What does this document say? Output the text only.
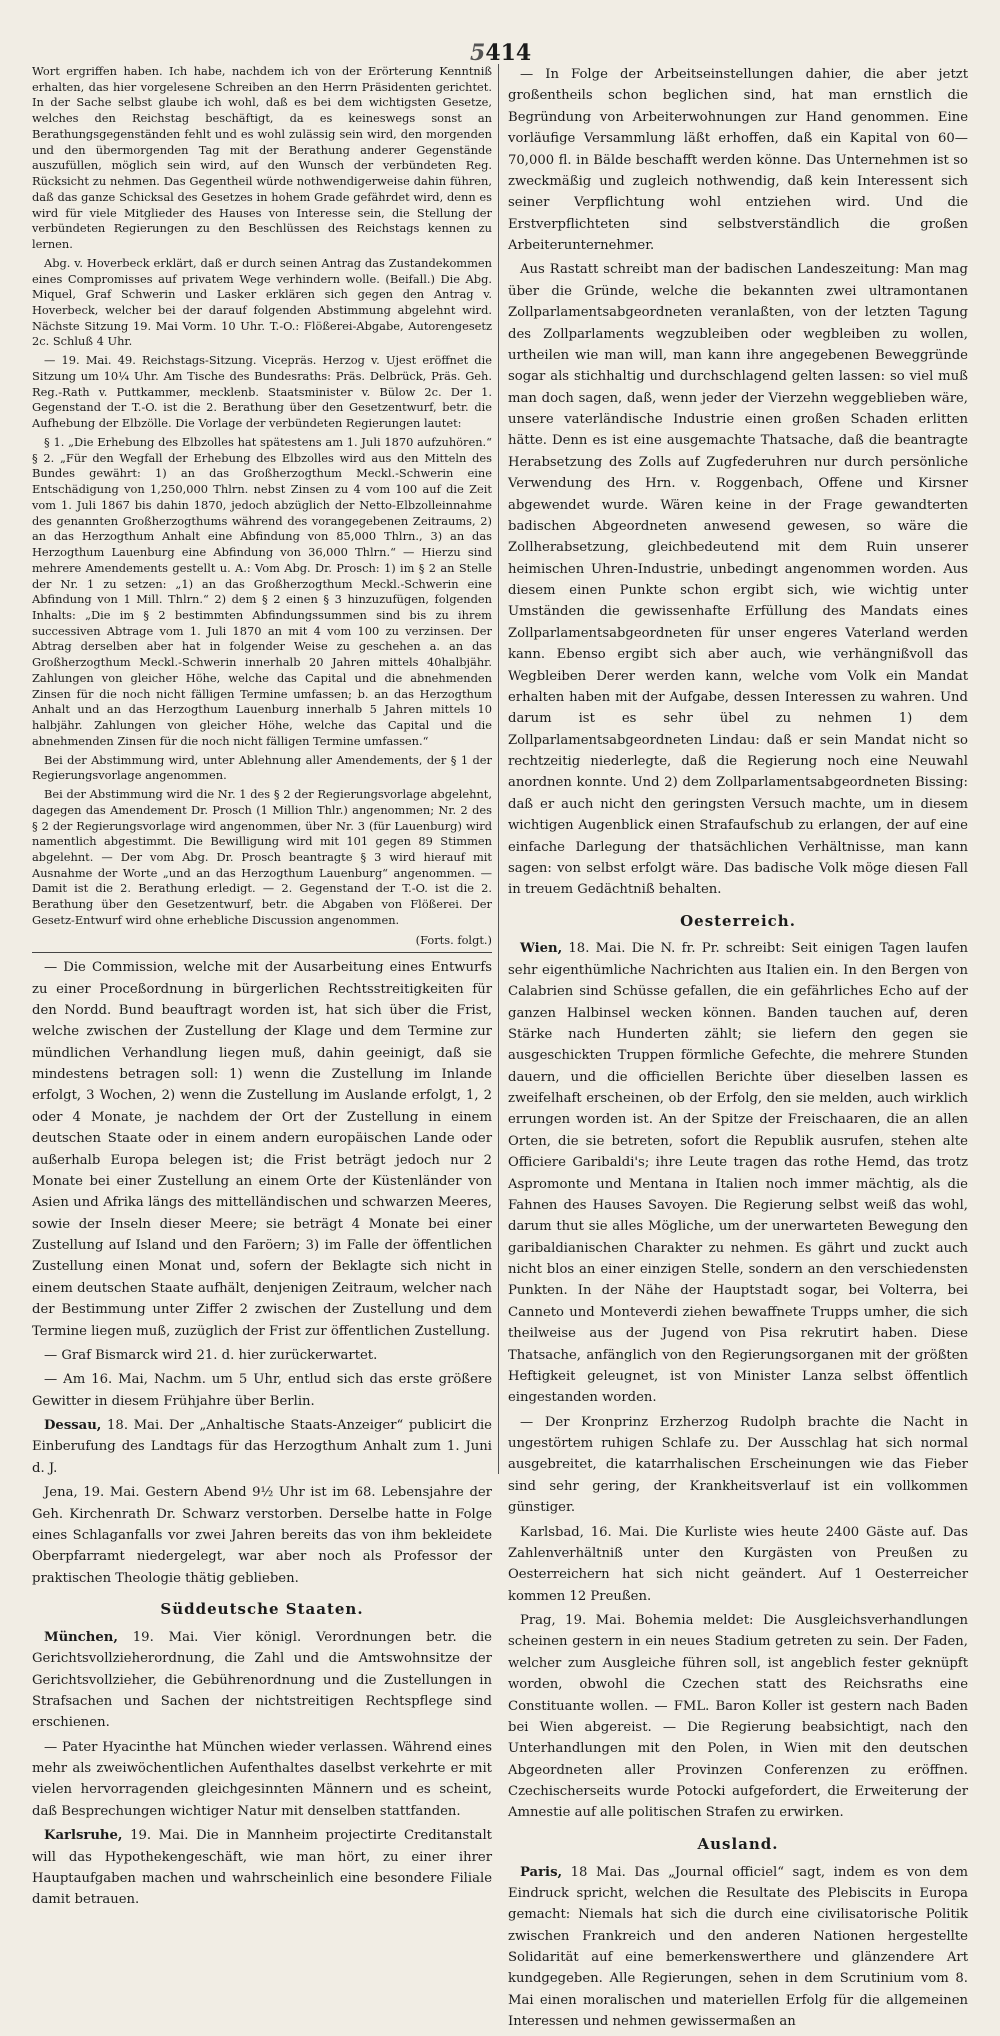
5414

Wort ergriffen haben. Ich habe, nachdem ich von der Erörterung Kenntniß erhalten, das hier vorgelesene Schreiben an den Herrn Präsidenten gerichtet. In der Sache selbst glaube ich wohl, daß es bei dem wichtigsten Gesetze, welches den Reichstag beschäftigt, da es keineswegs sonst an Berathungsgegenständen fehlt und es wohl zulässig sein wird, den morgenden und den übermorgenden Tag mit der Berathung anderer Gegenstände auszufüllen, möglich sein wird, auf den Wunsch der verbündeten Reg. Rücksicht zu nehmen. Das Gegentheil würde nothwendigerweise dahin führen, daß das ganze Schicksal des Gesetzes in hohem Grade gefährdet wird, denn es wird für viele Mitglieder des Hauses von Interesse sein, die Stellung der verbündeten Regierungen zu den Beschlüssen des Reichstags kennen zu lernen.

Abg. v. Hoverbeck erklärt, daß er durch seinen Antrag das Zustandekommen eines Compromisses auf privatem Wege verhindern wolle. (Beifall.) Die Abg. Miquel, Graf Schwerin und Lasker erklären sich gegen den Antrag v. Hoverbeck, welcher bei der darauf folgenden Abstimmung abgelehnt wird. Nächste Sitzung 19. Mai Vorm. 10 Uhr. T.-O.: Flößerei-Abgabe, Autorengesetz 2c. Schluß 4 Uhr.

— 19. Mai. 49. Reichstags-Sitzung. Vicepräs. Herzog v. Ujest eröffnet die Sitzung um 10¼ Uhr. Am Tische des Bundesraths: Präs. Delbrück, Präs. Geh. Reg.-Rath v. Puttkammer, mecklenb. Staatsminister v. Bülow 2c. Der 1. Gegenstand der T.-O. ist die 2. Berathung über den Gesetzentwurf, betr. die Aufhebung der Elbzölle. Die Vorlage der verbündeten Regierungen lautet:

§ 1. „Die Erhebung des Elbzolles hat spätestens am 1. Juli 1870 aufzuhören.“ § 2. „Für den Wegfall der Erhebung des Elbzolles wird aus den Mitteln des Bundes gewährt: 1) an das Großherzogthum Meckl.-Schwerin eine Entschädigung von 1,250,000 Thlrn. nebst Zinsen zu 4 vom 100 auf die Zeit vom 1. Juli 1867 bis dahin 1870, jedoch abzüglich der Netto-Elbzolleinnahme des genannten Großherzogthums während des vorangegebenen Zeitraums, 2) an das Herzogthum Anhalt eine Abfindung von 85,000 Thlrn., 3) an das Herzogthum Lauenburg eine Abfindung von 36,000 Thlrn.“ — Hierzu sind mehrere Amendements gestellt u. A.: Vom Abg. Dr. Prosch: 1) im § 2 an Stelle der Nr. 1 zu setzen: „1) an das Großherzogthum Meckl.-Schwerin eine Abfindung von 1 Mill. Thlrn.“ 2) dem § 2 einen § 3 hinzuzufügen, folgenden Inhalts: „Die im § 2 bestimmten Abfindungssummen sind bis zu ihrem successiven Abtrage vom 1. Juli 1870 an mit 4 vom 100 zu verzinsen. Der Abtrag derselben aber hat in folgender Weise zu geschehen a. an das Großherzogthum Meckl.-Schwerin innerhalb 20 Jahren mittels 40halbjähr. Zahlungen von gleicher Höhe, welche das Capital und die abnehmenden Zinsen für die noch nicht fälligen Termine umfassen; b. an das Herzogthum Anhalt und an das Herzogthum Lauenburg innerhalb 5 Jahren mittels 10 halbjähr. Zahlungen von gleicher Höhe, welche das Capital und die abnehmenden Zinsen für die noch nicht fälligen Termine umfassen.“

Bei der Abstimmung wird, unter Ablehnung aller Amendements, der § 1 der Regierungsvorlage angenommen.

Bei der Abstimmung wird die Nr. 1 des § 2 der Regierungsvorlage abgelehnt, dagegen das Amendement Dr. Prosch (1 Million Thlr.) angenommen; Nr. 2 des § 2 der Regierungsvorlage wird angenommen, über Nr. 3 (für Lauenburg) wird namentlich abgestimmt. Die Bewilligung wird mit 101 gegen 89 Stimmen abgelehnt. — Der vom Abg. Dr. Prosch beantragte § 3 wird hierauf mit Ausnahme der Worte „und an das Herzogthum Lauenburg“ angenommen. — Damit ist die 2. Berathung erledigt. — 2. Gegenstand der T.-O. ist die 2. Berathung über den Gesetzentwurf, betr. die Abgaben von Flößerei. Der Gesetz-Entwurf wird ohne erhebliche Discussion angenommen.

(Forts. folgt.)

— Die Commission, welche mit der Ausarbeitung eines Entwurfs zu einer Proceßordnung in bürgerlichen Rechtsstreitigkeiten für den Nordd. Bund beauftragt worden ist, hat sich über die Frist, welche zwischen der Zustellung der Klage und dem Termine zur mündlichen Verhandlung liegen muß, dahin geeinigt, daß sie mindestens betragen soll: 1) wenn die Zustellung im Inlande erfolgt, 3 Wochen, 2) wenn die Zustellung im Auslande erfolgt, 1, 2 oder 4 Monate, je nachdem der Ort der Zustellung in einem deutschen Staate oder in einem andern europäischen Lande oder außerhalb Europa belegen ist; die Frist beträgt jedoch nur 2 Monate bei einer Zustellung an einem Orte der Küstenländer von Asien und Afrika längs des mittelländischen und schwarzen Meeres, sowie der Inseln dieser Meere; sie beträgt 4 Monate bei einer Zustellung auf Island und den Faröern; 3) im Falle der öffentlichen Zustellung einen Monat und, sofern der Beklagte sich nicht in einem deutschen Staate aufhält, denjenigen Zeitraum, welcher nach der Bestimmung unter Ziffer 2 zwischen der Zustellung und dem Termine liegen muß, zuzüglich der Frist zur öffentlichen Zustellung.

— Graf Bismarck wird 21. d. hier zurückerwartet.

— Am 16. Mai, Nachm. um 5 Uhr, entlud sich das erste größere Gewitter in diesem Frühjahre über Berlin.

Dessau, 18. Mai. Der „Anhaltische Staats-Anzeiger“ publicirt die Einberufung des Landtags für das Herzogthum Anhalt zum 1. Juni d. J.

Jena, 19. Mai. Gestern Abend 9½ Uhr ist im 68. Lebensjahre der Geh. Kirchenrath Dr. Schwarz verstorben. Derselbe hatte in Folge eines Schlaganfalls vor zwei Jahren bereits das von ihm bekleidete Oberpfarramt niedergelegt, war aber noch als Professor der praktischen Theologie thätig geblieben.

Süddeutsche Staaten.

München, 19. Mai. Vier königl. Verordnungen betr. die Gerichtsvollzieherordnung, die Zahl und die Amtswohnsitze der Gerichtsvollzieher, die Gebührenordnung und die Zustellungen in Strafsachen und Sachen der nichtstreitigen Rechtspflege sind erschienen.

— Pater Hyacinthe hat München wieder verlassen. Während eines mehr als zweiwöchentlichen Aufenthaltes daselbst verkehrte er mit vielen hervorragenden gleichgesinnten Männern und es scheint, daß Besprechungen wichtiger Natur mit denselben stattfanden.

Karlsruhe, 19. Mai. Die in Mannheim projectirte Creditanstalt will das Hypothekengeschäft, wie man hört, zu einer ihrer Hauptaufgaben machen und wahrscheinlich eine besondere Filiale damit betrauen.

— In Folge der Arbeitseinstellungen dahier, die aber jetzt großentheils schon beglichen sind, hat man ernstlich die Begründung von Arbeiterwohnungen zur Hand genommen. Eine vorläufige Versammlung läßt erhoffen, daß ein Kapital von 60—70,000 fl. in Bälde beschafft werden könne. Das Unternehmen ist so zweckmäßig und zugleich nothwendig, daß kein Interessent sich seiner Verpflichtung wohl entziehen wird. Und die Erstverpflichteten sind selbstverständlich die großen Arbeiterunternehmer.

Aus Rastatt schreibt man der badischen Landeszeitung: Man mag über die Gründe, welche die bekannten zwei ultramontanen Zollparlamentsabgeordneten veranlaßten, von der letzten Tagung des Zollparlaments wegzubleiben oder wegbleiben zu wollen, urtheilen wie man will, man kann ihre angegebenen Beweggründe sogar als stichhaltig und durchschlagend gelten lassen: so viel muß man doch sagen, daß, wenn jeder der Vierzehn weggeblieben wäre, unsere vaterländische Industrie einen großen Schaden erlitten hätte. Denn es ist eine ausgemachte Thatsache, daß die beantragte Herabsetzung des Zolls auf Zugfederuhren nur durch persönliche Verwendung des Hrn. v. Roggenbach, Offene und Kirsner abgewendet wurde. Wären keine in der Frage gewandterten badischen Abgeordneten anwesend gewesen, so wäre die Zollherabsetzung, gleichbedeutend mit dem Ruin unserer heimischen Uhren-Industrie, unbedingt angenommen worden. Aus diesem einen Punkte schon ergibt sich, wie wichtig unter Umständen die gewissenhafte Erfüllung des Mandats eines Zollparlamentsabgeordneten für unser engeres Vaterland werden kann. Ebenso ergibt sich aber auch, wie verhängnißvoll das Wegbleiben Derer werden kann, welche vom Volk ein Mandat erhalten haben mit der Aufgabe, dessen Interessen zu wahren. Und darum ist es sehr übel zu nehmen 1) dem Zollparlamentsabgeordneten Lindau: daß er sein Mandat nicht so rechtzeitig niederlegte, daß die Regierung noch eine Neuwahl anordnen konnte. Und 2) dem Zollparlamentsabgeordneten Bissing: daß er auch nicht den geringsten Versuch machte, um in diesem wichtigen Augenblick einen Strafaufschub zu erlangen, der auf eine einfache Darlegung der thatsächlichen Verhältnisse, man kann sagen: von selbst erfolgt wäre. Das badische Volk möge diesen Fall in treuem Gedächtniß behalten.

Oesterreich.

Wien, 18. Mai. Die N. fr. Pr. schreibt: Seit einigen Tagen laufen sehr eigenthümliche Nachrichten aus Italien ein. In den Bergen von Calabrien sind Schüsse gefallen, die ein gefährliches Echo auf der ganzen Halbinsel wecken können. Banden tauchen auf, deren Stärke nach Hunderten zählt; sie liefern den gegen sie ausgeschickten Truppen förmliche Gefechte, die mehrere Stunden dauern, und die officiellen Berichte über dieselben lassen es zweifelhaft erscheinen, ob der Erfolg, den sie melden, auch wirklich errungen worden ist. An der Spitze der Freischaaren, die an allen Orten, die sie betreten, sofort die Republik ausrufen, stehen alte Officiere Garibaldi's; ihre Leute tragen das rothe Hemd, das trotz Aspromonte und Mentana in Italien noch immer mächtig, als die Fahnen des Hauses Savoyen. Die Regierung selbst weiß das wohl, darum thut sie alles Mögliche, um der unerwarteten Bewegung den garibaldianischen Charakter zu nehmen. Es gährt und zuckt auch nicht blos an einer einzigen Stelle, sondern an den verschiedensten Punkten. In der Nähe der Hauptstadt sogar, bei Volterra, bei Canneto und Monteverdi ziehen bewaffnete Trupps umher, die sich theilweise aus der Jugend von Pisa rekrutirt haben. Diese Thatsache, anfänglich von den Regierungsorganen mit der größten Heftigkeit geleugnet, ist von Minister Lanza selbst öffentlich eingestanden worden.

— Der Kronprinz Erzherzog Rudolph brachte die Nacht in ungestörtem ruhigen Schlafe zu. Der Ausschlag hat sich normal ausgebreitet, die katarrhalischen Erscheinungen wie das Fieber sind sehr gering, der Krankheitsverlauf ist ein vollkommen günstiger.

Karlsbad, 16. Mai. Die Kurliste wies heute 2400 Gäste auf. Das Zahlenverhältniß unter den Kurgästen von Preußen zu Oesterreichern hat sich nicht geändert. Auf 1 Oesterreicher kommen 12 Preußen.

Prag, 19. Mai. Bohemia meldet: Die Ausgleichsverhandlungen scheinen gestern in ein neues Stadium getreten zu sein. Der Faden, welcher zum Ausgleiche führen soll, ist angeblich fester geknüpft worden, obwohl die Czechen statt des Reichsraths eine Constituante wollen. — FML. Baron Koller ist gestern nach Baden bei Wien abgereist. — Die Regierung beabsichtigt, nach den Unterhandlungen mit den Polen, in Wien mit den deutschen Abgeordneten aller Provinzen Conferenzen zu eröffnen. Czechischerseits wurde Potocki aufgefordert, die Erweiterung der Amnestie auf alle politischen Strafen zu erwirken.

Ausland.

Paris, 18 Mai. Das „Journal officiel“ sagt, indem es von dem Eindruck spricht, welchen die Resultate des Plebiscits in Europa gemacht: Niemals hat sich die durch eine civilisatorische Politik zwischen Frankreich und den anderen Nationen hergestellte Solidarität auf eine bemerkenswerthere und glänzendere Art kundgegeben. Alle Regierungen, sehen in dem Scrutinium vom 8. Mai einen moralischen und materiellen Erfolg für die allgemeinen Interessen und nehmen gewissermaßen an
